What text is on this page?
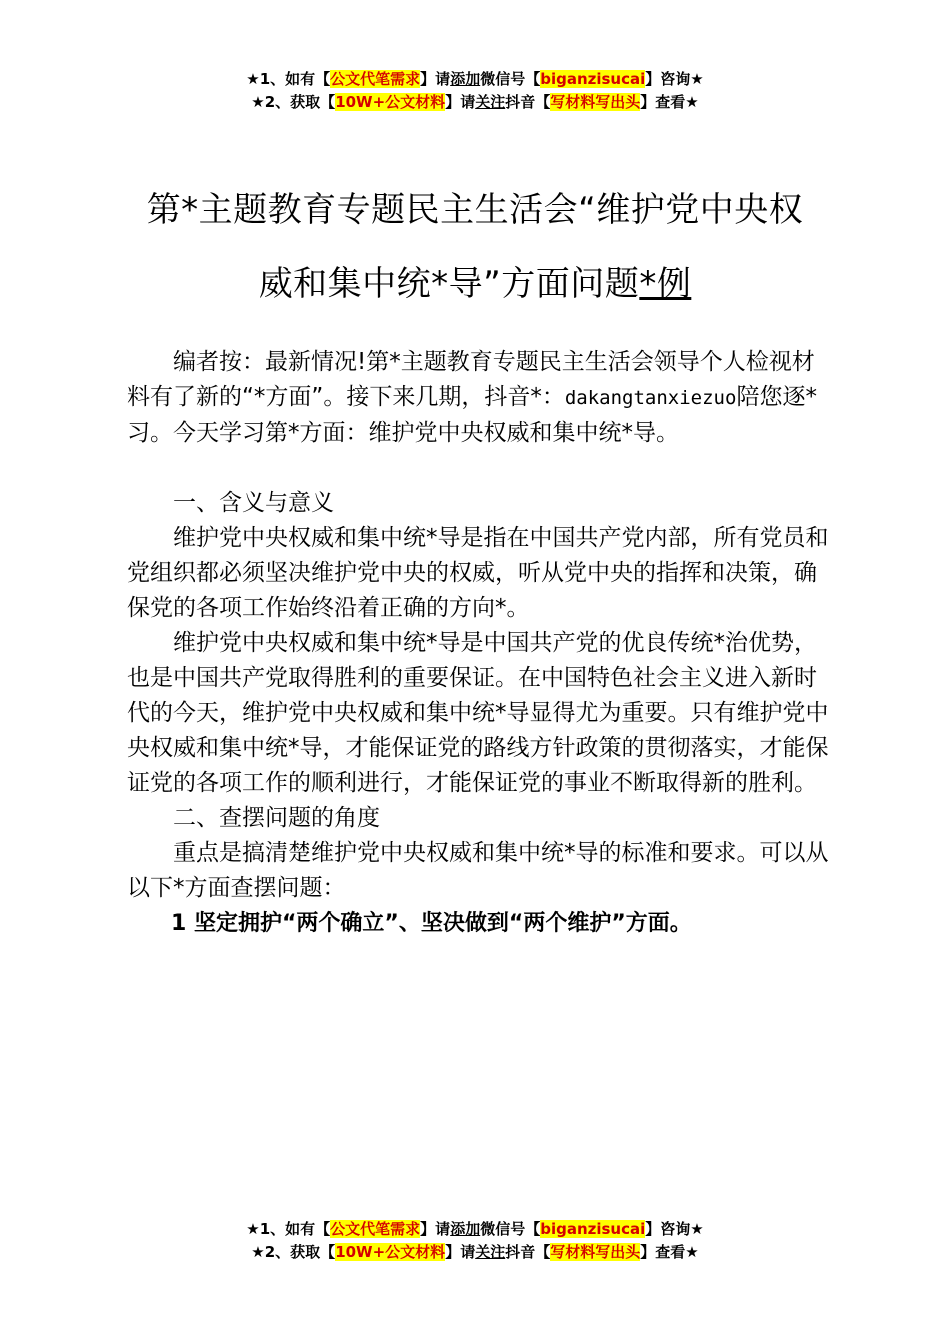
★1、如有【公文代笔需求】请添加微信号【biganzisucai】咨询★
★2、获取【10W+公文材料】请关注抖音【写材料写出头】查看★
第*主题教育专题民主生活会“维护党中央权
威和集中统*导”方面问题*例

编者按：最新情况!第*主题教育专题民主生活会领导个人检视材料有了新的“*方面”。接下来几期，抖音*：dakangtanxiezuo陪您逐*习。今天学习第*方面：维护党中央权威和集中统*导。

一、含义与意义

维护党中央权威和集中统*导是指在中国共产党内部，所有党员和党组织都必须坚决维护党中央的权威，听从党中央的指挥和决策，确保党的各项工作始终沿着正确的方向*。

维护党中央权威和集中统*导是中国共产党的优良传统*治优势，也是中国共产党取得胜利的重要保证。在中国特色社会主义进入新时代的今天，维护党中央权威和集中统*导显得尤为重要。只有维护党中央权威和集中统*导，才能保证党的路线方针政策的贯彻落实，才能保证党的各项工作的顺利进行，才能保证党的事业不断取得新的胜利。

二、查摆问题的角度

重点是搞清楚维护党中央权威和集中统*导的标准和要求。可以从以下*方面查摆问题：

1 坚定拥护“两个确立”、坚决做到“两个维护”方面。

★1、如有【公文代笔需求】请添加微信号【biganzisucai】咨询★
★2、获取【10W+公文材料】请关注抖音【写材料写出头】查看★
